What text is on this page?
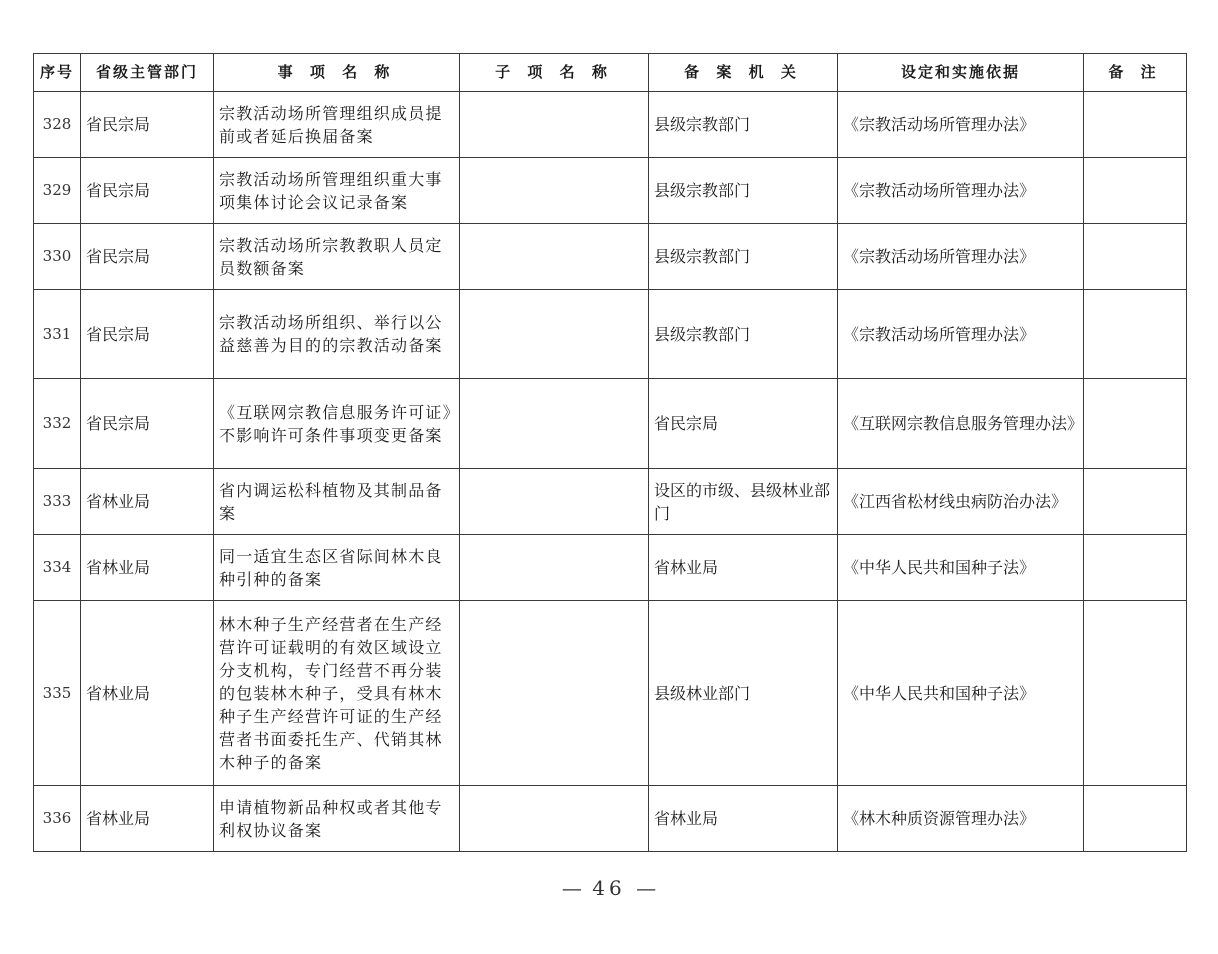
序号	省级主管部门	事 项 名 称	子 项 名 称	备 案 机 关	设定和实施依据	备 注
328	省民宗局	宗教活动场所管理组织成员提前或者延后换届备案		县级宗教部门	《宗教活动场所管理办法》	
329	省民宗局	宗教活动场所管理组织重大事项集体讨论会议记录备案		县级宗教部门	《宗教活动场所管理办法》	
330	省民宗局	宗教活动场所宗教教职人员定员数额备案		县级宗教部门	《宗教活动场所管理办法》	
331	省民宗局	宗教活动场所组织、举行以公益慈善为目的的宗教活动备案		县级宗教部门	《宗教活动场所管理办法》	
332	省民宗局	《互联网宗教信息服务许可证》不影响许可条件事项变更备案		省民宗局	《互联网宗教信息服务管理办法》	
333	省林业局	省内调运松科植物及其制品备案		设区的市级、县级林业部门	《江西省松材线虫病防治办法》	
334	省林业局	同一适宜生态区省际间林木良种引种的备案		省林业局	《中华人民共和国种子法》	
335	省林业局	林木种子生产经营者在生产经营许可证载明的有效区域设立分支机构，专门经营不再分装的包装林木种子，受具有林木种子生产经营许可证的生产经营者书面委托生产、代销其林木种子的备案		县级林业部门	《中华人民共和国种子法》	
336	省林业局	申请植物新品种权或者其他专利权协议备案		省林业局	《林木种质资源管理办法》	
— 46 —
